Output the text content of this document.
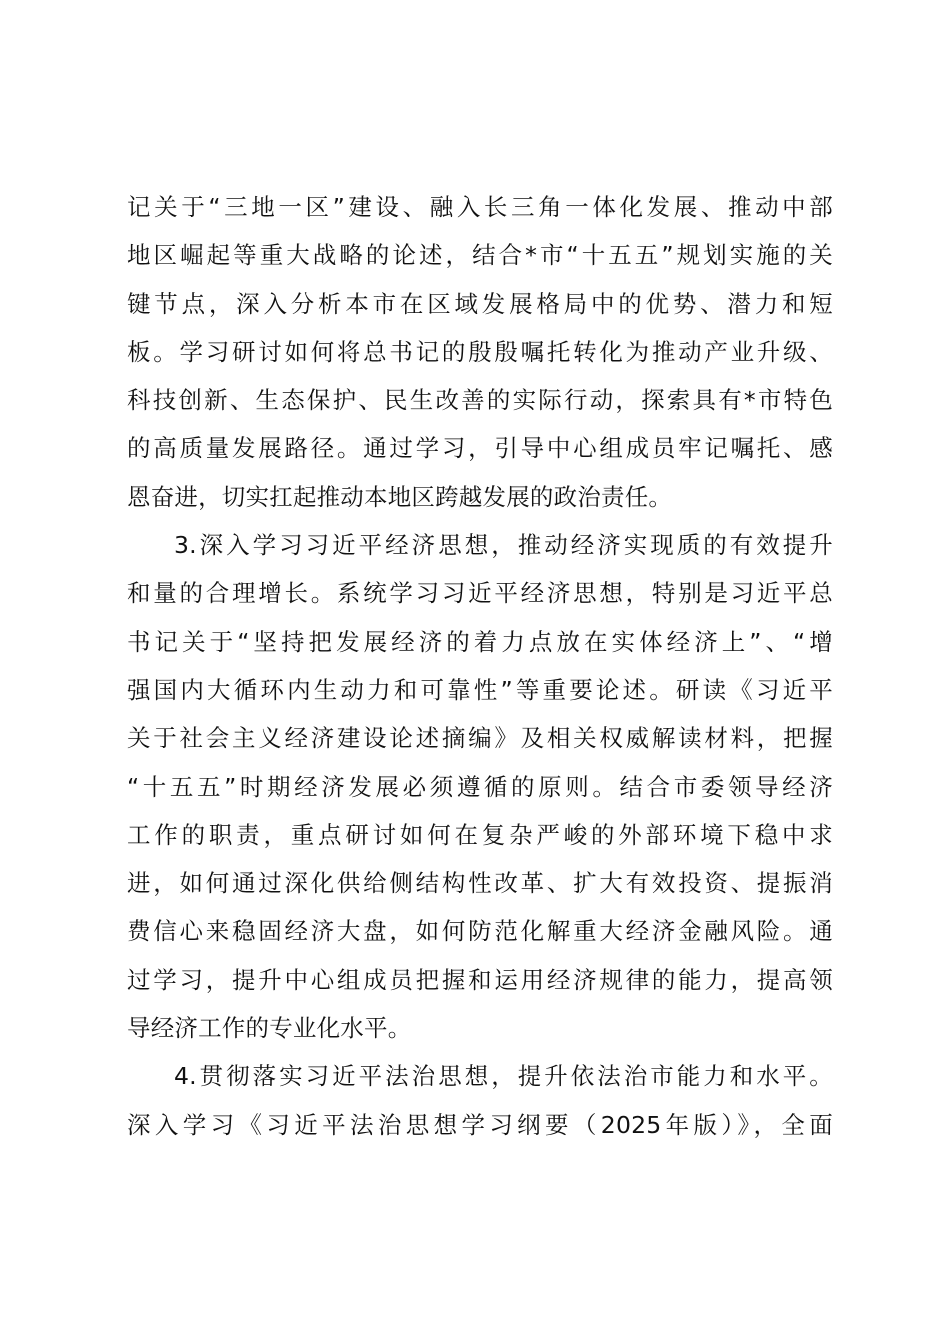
记关于“三地一区”建设、融入长三角一体化发展、推动中部
地区崛起等重大战略的论述，结合*市“十五五”规划实施的关
键节点，深入分析本市在区域发展格局中的优势、潜力和短
板。学习研讨如何将总书记的殷殷嘱托转化为推动产业升级、
科技创新、生态保护、民生改善的实际行动，探索具有*市特色
的高质量发展路径。通过学习，引导中心组成员牢记嘱托、感
恩奋进，切实扛起推动本地区跨越发展的政治责任。
3.深入学习习近平经济思想，推动经济实现质的有效提升
和量的合理增长。系统学习习近平经济思想，特别是习近平总
书记关于“坚持把发展经济的着力点放在实体经济上”、“增
强国内大循环内生动力和可靠性”等重要论述。研读《习近平
关于社会主义经济建设论述摘编》及相关权威解读材料，把握
“十五五”时期经济发展必须遵循的原则。结合市委领导经济
工作的职责，重点研讨如何在复杂严峻的外部环境下稳中求
进，如何通过深化供给侧结构性改革、扩大有效投资、提振消
费信心来稳固经济大盘，如何防范化解重大经济金融风险。通
过学习，提升中心组成员把握和运用经济规律的能力，提高领
导经济工作的专业化水平。
4.贯彻落实习近平法治思想，提升依法治市能力和水平。
深入学习《习近平法治思想学习纲要（2025年版）》，全面
